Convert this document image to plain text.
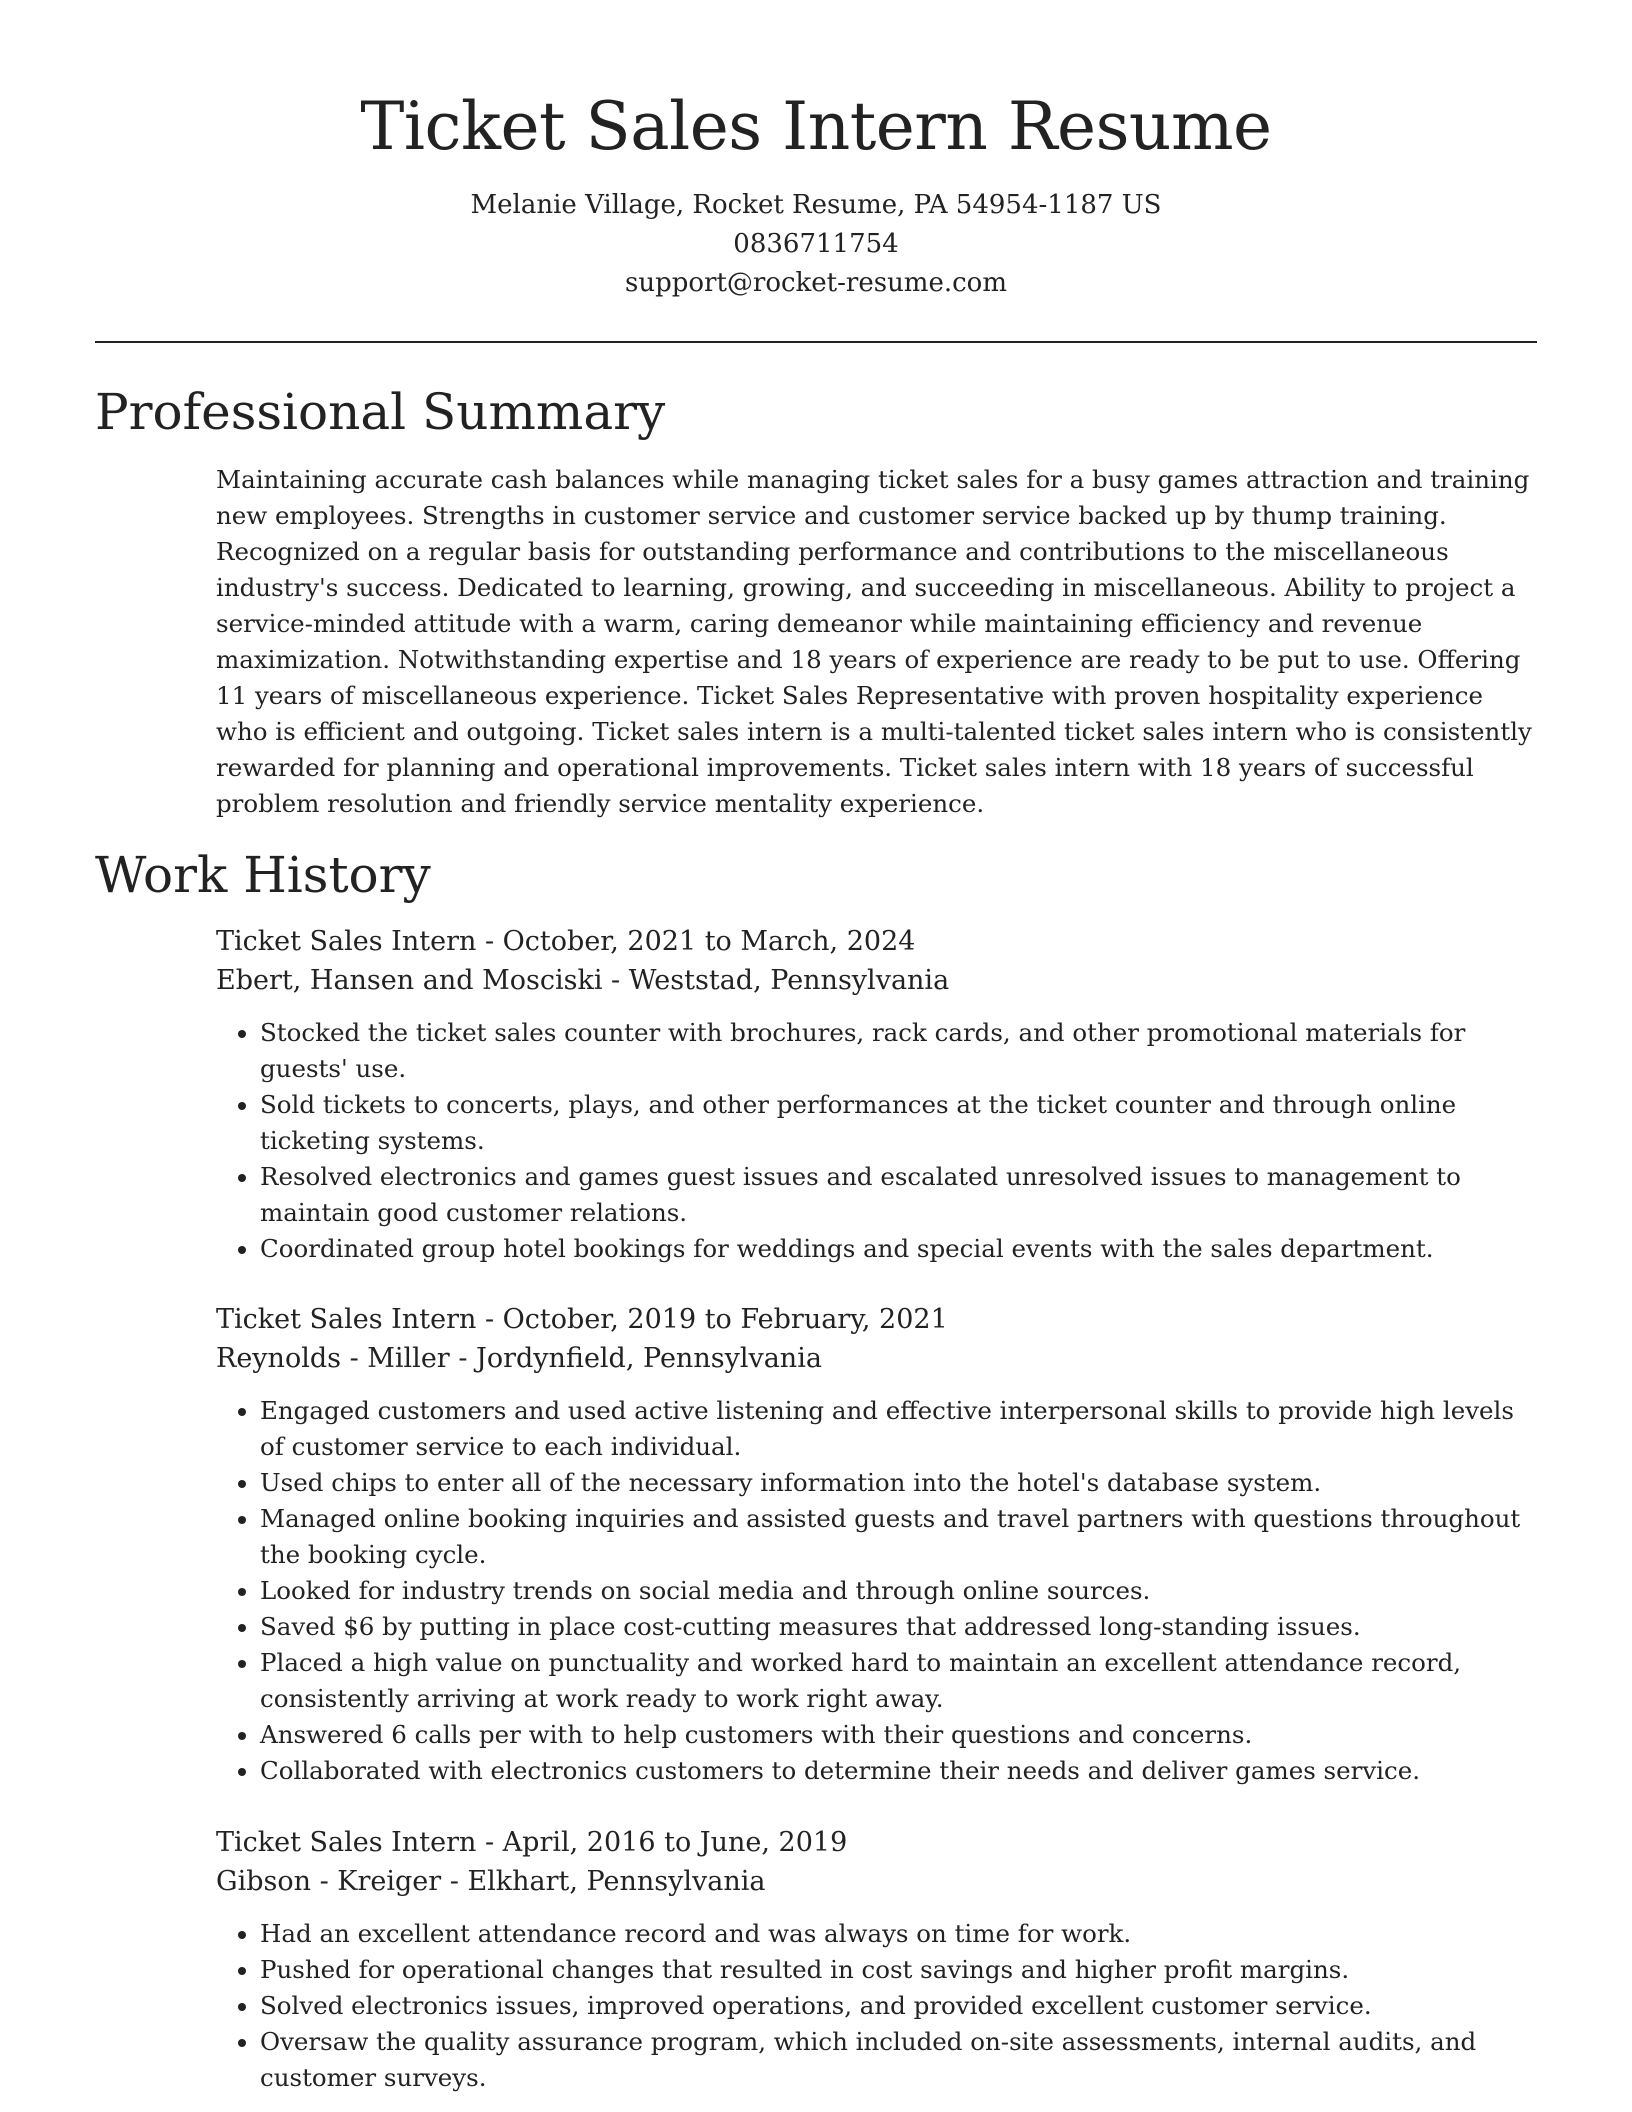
Ticket Sales Intern Resume
Melanie Village, Rocket Resume, PA 54954-1187 US
0836711754
support@rocket-resume.com
Professional Summary

Maintaining accurate cash balances while managing ticket sales for a busy games attraction and training new employees. Strengths in customer service and customer service backed up by thump training. Recognized on a regular basis for outstanding performance and contributions to the miscellaneous industry's success. Dedicated to learning, growing, and succeeding in miscellaneous. Ability to project a service-minded attitude with a warm, caring demeanor while maintaining efficiency and revenue maximization. Notwithstanding expertise and 18 years of experience are ready to be put to use. Offering 11 years of miscellaneous experience. Ticket Sales Representative with proven hospitality experience who is efficient and outgoing. Ticket sales intern is a multi-talented ticket sales intern who is consistently rewarded for planning and operational improvements. Ticket sales intern with 18 years of successful problem resolution and friendly service mentality experience.

Work History
Ticket Sales Intern - October, 2021 to March, 2024
Ebert, Hansen and Mosciski - Weststad, Pennsylvania
• Stocked the ticket sales counter with brochures, rack cards, and other promotional materials for guests' use.
• Sold tickets to concerts, plays, and other performances at the ticket counter and through online ticketing systems.
• Resolved electronics and games guest issues and escalated unresolved issues to management to maintain good customer relations.
• Coordinated group hotel bookings for weddings and special events with the sales department.
Ticket Sales Intern - October, 2019 to February, 2021
Reynolds - Miller - Jordynfield, Pennsylvania
• Engaged customers and used active listening and effective interpersonal skills to provide high levels of customer service to each individual.
• Used chips to enter all of the necessary information into the hotel's database system.
• Managed online booking inquiries and assisted guests and travel partners with questions throughout the booking cycle.
• Looked for industry trends on social media and through online sources.
• Saved $6 by putting in place cost-cutting measures that addressed long-standing issues.
• Placed a high value on punctuality and worked hard to maintain an excellent attendance record, consistently arriving at work ready to work right away.
• Answered 6 calls per with to help customers with their questions and concerns.
• Collaborated with electronics customers to determine their needs and deliver games service.
Ticket Sales Intern - April, 2016 to June, 2019
Gibson - Kreiger - Elkhart, Pennsylvania
• Had an excellent attendance record and was always on time for work.
• Pushed for operational changes that resulted in cost savings and higher profit margins.
• Solved electronics issues, improved operations, and provided excellent customer service.
• Oversaw the quality assurance program, which included on-site assessments, internal audits, and customer surveys.
